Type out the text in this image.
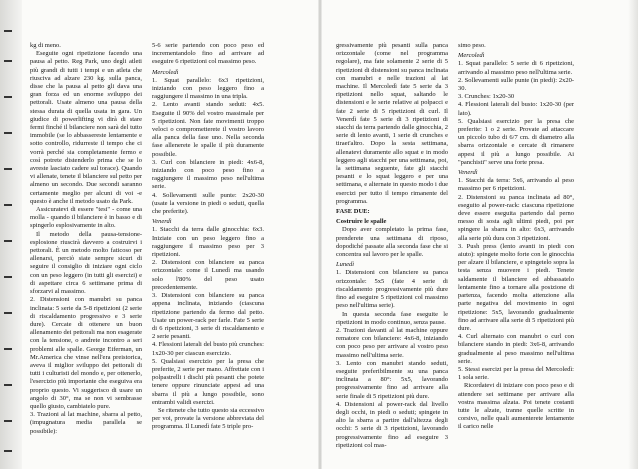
kg di meno.

Eseguite ogni ripetizione facendo una pausa al petto. Reg Park, uno degli atleti più grandi di tutti i tempi e un atleta che riusciva ad alzare 230 kg. sulla panca, disse che la pausa al petto gli dava una gran forza ed un enorme sviluppo dei pettorali. Usate almeno una pausa della stessa durata di quella usata in gara. Un giudice di powerlifting vi dirà di stare fermi finché il bilanciere non sarà del tutto immobile (se lo abbassereste lentamente e sotto controllo, ridurreste il tempo che ci vorrà perché sia completamente fermo e così potrete distenderlo prima che se lo avreste lasciato cadere sul torace). Quando vi allenate, tenete il bilanciere sul petto per almeno un secondo. Due secondi saranno certamente meglio per alcuni di voi -e questo è anche il metodo usato da Park.

Assicuratevi di essere "tesi" - come una molla - quando il bilanciere è in basso e di spingerlo esplosivamente in alto.

Il metodo della pausa-tensione-esplosione riuscirà davvero a costruirvi i pettorali. È un metodo molto faticoso per allenarsi, perciò siate sempre sicuri di seguire il consiglio di iniziare ogni ciclo con un peso leggero (in tutti gli esercizi) e di aspettare circa 6 settimane prima di sforzarvi al massimo.

2. Distensioni con manubri su panca inclinata: 5 serie da 5-8 ripetizioni (2 serie di riscaldamento progressivo e 3 serie dure). Cercate di ottenere un buon allenamento dei pettorali ma non esagerate con la tensione, o andrete incontro a seri problemi alle spalle. George Eiferman, un Mr.America che vinse nell'era preistorica, aveva il miglior sviluppo dei pettorali di tutti i culturisti del mondo e, per ottenerlo, l'esercizio più importante che eseguiva era proprio questo. Vi suggerisco di usare un angolo di 30°, ma se non vi sembrasse quello giusto, cambiatelo pure.

3. Trazioni al lat machine, sbarra al petto, (impugnatura media parallela se possibile):

5-6 serie partendo con poco peso ed incrementandolo fino ad arrivare ad eseguire 6 ripetizioni col massimo peso.

Mercoledì

1. Squat parallelo: 6x3 ripetizioni, iniziando con peso leggero fino a raggiungere il massimo in una tripla.

2. Lento avanti stando seduti: 4x5. Eseguite il 90% del vostro massimale per 5 ripetizioni. Non fate movimenti troppo veloci o comprometterete il vostro lavoro alla panca della fase uno. Nella seconda fase allenerete le spalle il più duramente possibile.

3. Curl con bilanciere in piedi: 4x6-8, iniziando con poco peso fino a raggiungere il massimo peso nell'ultima serie.

4. Sollevamenti sulle punte: 2x20-30 (usate la versione in piedi o seduti, quella che preferite).

Venerdì

1. Stacchi da terra dalle ginocchia: 6x3. Iniziate con un peso leggero fino a raggiungere il massimo peso per 3 ripetizioni.

2. Distensioni con bilanciere su panca orizzontale: come il Lunedì ma usando solo l'80% del peso usato precedentemente.

3. Distensioni con bilanciere su panca appena inclinata, iniziando (ciascuna ripetizione partendo da fermo dal petto. Usate un power-rack per farle. Fate 5 serie di 6 ripetizioni, 3 serie di riscaldamento e 2 serie pesanti.

4. Flessioni laterali del busto più crunches: 1x20-30 per ciascun esercizio.

5. Qualsiasi esercizio per la presa che preferite, 2 serie per mano. Affrettate con i polpastrelli i dischi più pesanti che potete tenere oppure rinunciate appesi ad una sbarra il più a lungo possibile, sono entrambi validi esercizi.

Se ritenete che tutto questo sia eccessivo per voi, provate la versione abbreviata del programma. Il Lunedì fate 5 triple pro-

gressivamente più pesanti sulla panca orizzontale (come nel programma regolare), ma fate solamente 2 serie di 5 ripetizioni di distensioni su panca inclinata con manubri e nelle trazioni al lat machine. Il Mercoledì fate 5 serie da 3 ripetizioni nello squat, saltando le distensioni e le serie relative ai polpacci e fate 2 serie di 5 ripetizioni di curl. Il Venerdì fate 5 serie di 3 ripetizioni di stacchi da terra partendo dalle ginocchia, 2 serie di lento avanti, 1 serie di crunches e tiraet'altro. Dopo la sesta settimana, allenatevi duramente allo squat e in modo leggero agli stacchi per una settimana, poi, la settimana seguente, fate gli stacchi pesanti e lo squat leggero e per una settimana, e alternate in questo modo i due esercizi per tutto il tempo rimanente del programma.

FASE DUE:

Costruire le spalle

Dopo aver completato la prima fase, prenderete una settimana di riposo, dopodiché passate alla seconda fase che si concentra sul lavoro per le spalle.

Lunedì

1. Distensioni con bilanciere su panca orizzontale: 5x5 (fate 4 serie di riscaldamento progressivamente più dure fino ad eseguire 5 ripetizioni col massimo peso nell'ultima serie).

In questa seconda fase eseguite le ripetizioni in modo continuo, senza pause.

2. Trazioni davanti al lat machine oppure rematore con bilanciere: 4x6-8, iniziando con poco peso per arrivare al vostro peso massimo nell'ultima serie.

3. Lento con manubri stando seduti, eseguite preferibilmente su una panca inclinata a 80°: 5x5, lavorando progressivamente fino ad arrivare alla serie finale di 5 ripetizioni più dure.

4. Distensioni al power-rack dal livello degli occhi, in piedi o seduti; spingete in alto la sbarra a partire dall'altezza degli occhi: 5 serie di 3 ripetizioni, lavorando progressivamente fino ad eseguire 3 ripetizioni col mas-

simo peso.

Mercoledì

1. Squat parallelo: 5 serie di 6 ripetizioni, arrivando al massimo peso nell'ultima serie.

2. Sollevamenti sulle punte (in piedi): 2x20-30.

3. Crunches: 1x20-30

4. Flessioni laterali del busto: 1x20-30 (per lato).

5. Qualsiasi esercizio per la presa che preferite: 1 o 2 serie. Provate ad attaccare un piccolo tubo di 6/7 cm. di diametro alla sbarra orizzontale e cercate di rimanere appesi il più a lungo possibile. Ai "panchisti" serve una forte presa.

Venerdì

1. Stacchi da terra: 5x6, arrivando al peso massimo per 6 ripetizioni.

2. Distensioni su panca inclinata ad 80°, eseguito al power-rack: ciascuna ripetizione deve essere eseguita partendo dal perno messo di sosta agli ultimi piedi, poi per spingere la sbarra in alto: 6x3, arrivando alla serie più dura con 3 ripetizioni.

3. Push press (lento avanti in piedi con aiuto): spingete molto forte con le ginocchia per alzare il bilanciere, e spingetelo sopra la testa senza muovere i piedi. Tenete saldamente il bilanciere ed abbassatelo lentamente fino a tornare alla posizione di partenza, facendo molta attenzione alla parte negativa del movimento in ogni ripetizione: 5x5, lavorando gradualmente fino ad arrivare alla serie di 5 ripetizioni più dure.

4. Curl alternato con manubri o curl con bilanciere stando in piedi: 3x6-8, arrivando gradualmente al peso massimo nell'ultima serie.

5. Stessi esercizi per la presa del Mercoledì: 1 sola serie.

Ricordatevi di iniziare con poco peso e di attendere sei settimane per arrivare alla vostra massima alzata. Poi tenete costanti tutte le alzate, tranne quelle scritte in corsivo, nelle quali aumenterete lentamente il carico nelle
